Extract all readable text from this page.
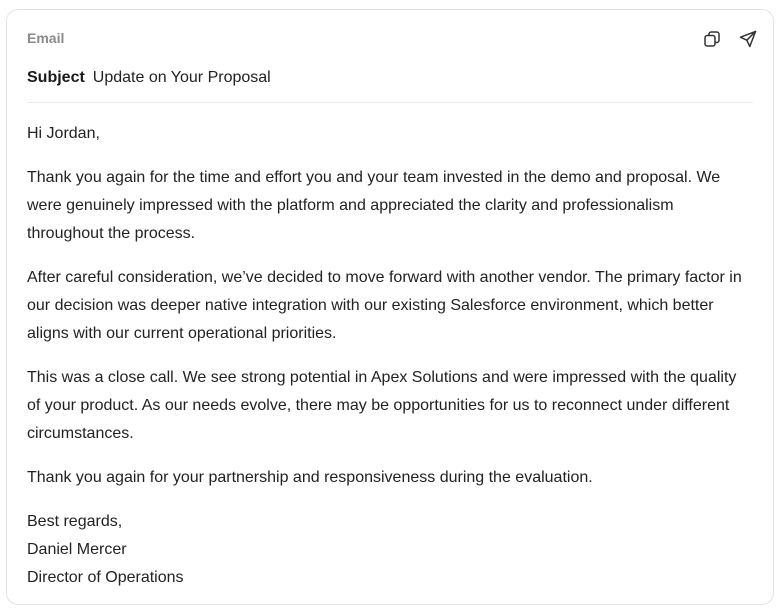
Email
Subject Update on Your Proposal

Hi Jordan,

Thank you again for the time and effort you and your team invested in the demo and proposal. We were genuinely impressed with the platform and appreciated the clarity and professionalism throughout the process.

After careful consideration, we’ve decided to move forward with another vendor. The primary factor in our decision was deeper native integration with our existing Salesforce environment, which better aligns with our current operational priorities.

This was a close call. We see strong potential in Apex Solutions and were impressed with the quality of your product. As our needs evolve, there may be opportunities for us to reconnect under different circumstances.

Thank you again for your partnership and responsiveness during the evaluation.

Best regards,
Daniel Mercer
Director of Operations
